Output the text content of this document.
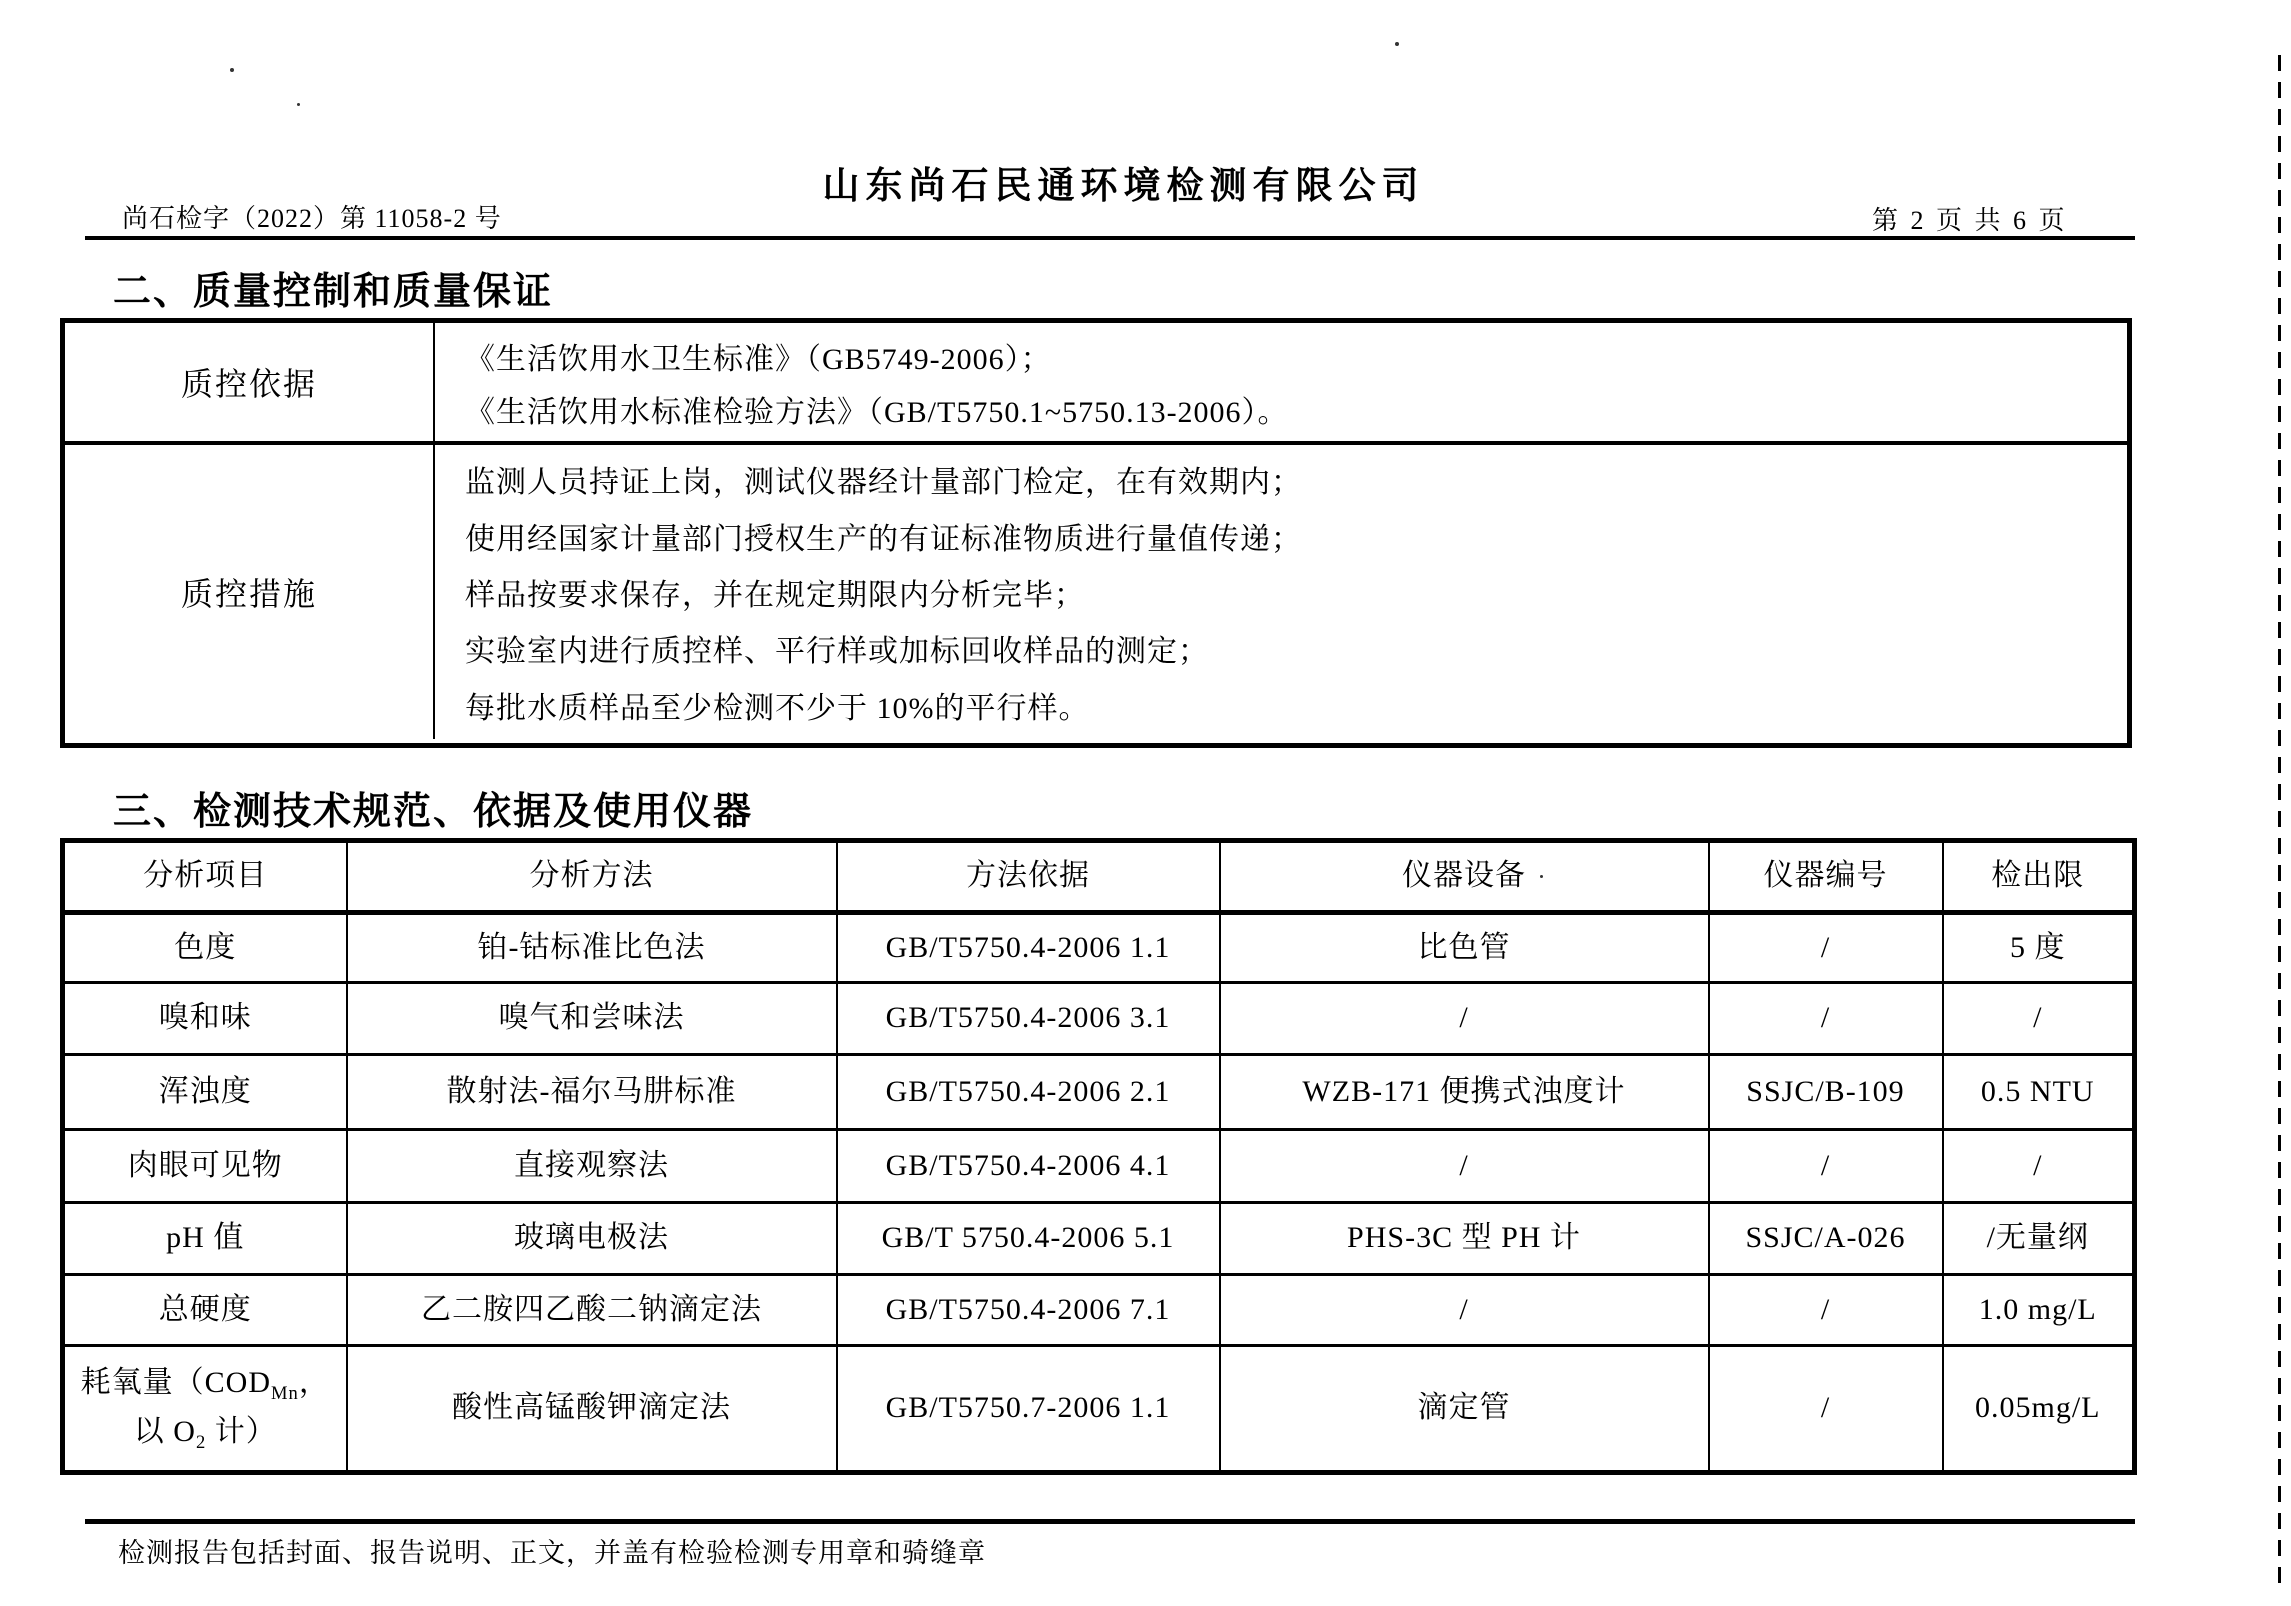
山东尚石民通环境检测有限公司
尚石检字（2022）第 11058-2 号	第 2 页 共 6 页
二、质量控制和质量保证
质控依据
《生活饮用水卫生标准》（GB5749-2006）；
《生活饮用水标准检验方法》（GB/T5750.1~5750.13-2006）。
质控措施
监测人员持证上岗，测试仪器经计量部门检定，在有效期内；
使用经国家计量部门授权生产的有证标准物质进行量值传递；
样品按要求保存，并在规定期限内分析完毕；
实验室内进行质控样、平行样或加标回收样品的测定；
每批水质样品至少检测不少于 10%的平行样。
三、检测技术规范、依据及使用仪器
分析项目	分析方法	方法依据	仪器设备	仪器编号	检出限
色度	铂-钴标准比色法	GB/T5750.4-2006 1.1	比色管	/	5 度
嗅和味	嗅气和尝味法	GB/T5750.4-2006 3.1	/	/	/
浑浊度	散射法-福尔马肼标准	GB/T5750.4-2006 2.1	WZB-171 便携式浊度计	SSJC/B-109	0.5 NTU
肉眼可见物	直接观察法	GB/T5750.4-2006 4.1	/	/	/
pH 值	玻璃电极法	GB/T 5750.4-2006 5.1	PHS-3C 型 PH 计	SSJC/A-026	/无量纲
总硬度	乙二胺四乙酸二钠滴定法	GB/T5750.4-2006 7.1	/	/	1.0 mg/L
耗氧量（$COD_{Mn}$，
以 $O_2$ 计）	酸性高锰酸钾滴定法	GB/T5750.7-2006 1.1	滴定管	/	0.05mg/L
检测报告包括封面、报告说明、正文，并盖有检验检测专用章和骑缝章
